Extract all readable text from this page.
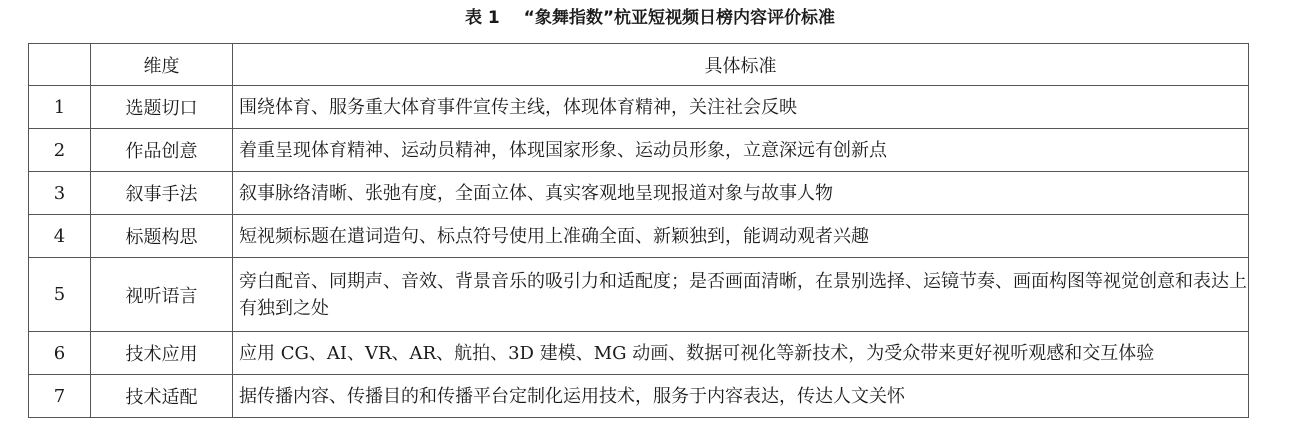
表 1 “象舞指数”杭亚短视频日榜内容评价标准
	维度	具体标准
1	选题切口	围绕体育、服务重大体育事件宣传主线，体现体育精神，关注社会反映
2	作品创意	着重呈现体育精神、运动员精神，体现国家形象、运动员形象，立意深远有创新点
3	叙事手法	叙事脉络清晰、张弛有度，全面立体、真实客观地呈现报道对象与故事人物
4	标题构思	短视频标题在遣词造句、标点符号使用上准确全面、新颖独到，能调动观者兴趣
5	视听语言	旁白配音、同期声、音效、背景音乐的吸引力和适配度；是否画面清晰，在景别选择、运镜节奏、画面构图等视觉创意和表达上有独到之处
6	技术应用	应用 CG、AI、VR、AR、航拍、3D 建模、MG 动画、数据可视化等新技术，为受众带来更好视听观感和交互体验
7	技术适配	据传播内容、传播目的和传播平台定制化运用技术，服务于内容表达，传达人文关怀
